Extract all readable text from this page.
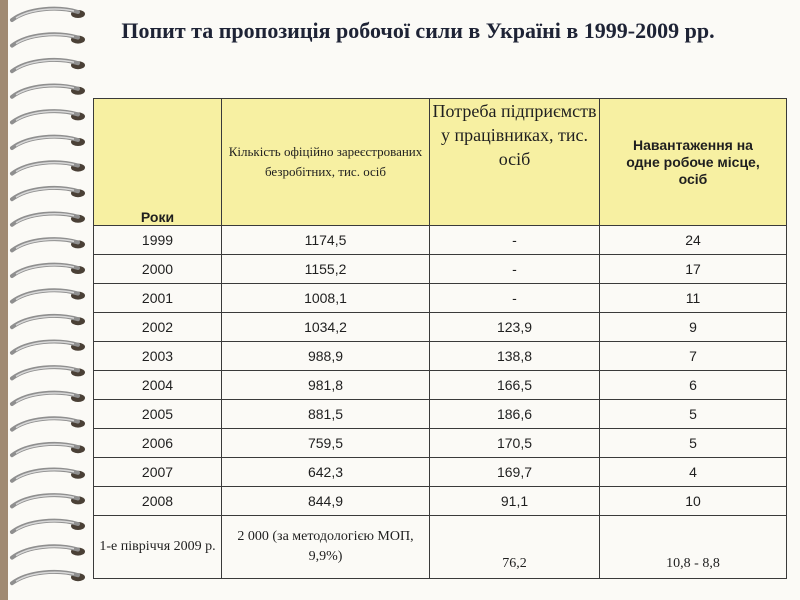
Попит та пропозиція робочої сили в Україні в 1999-2009 рр.
Роки	Кількість офіційно зареєстрованих безробітних, тис. осіб	Потреба підприємств у працівниках, тис. осіб	Навантаження на одне робоче місце, осіб

1999	1174,5	-	24
2000	1155,2	-	17
2001	1008,1	-	11
2002	1034,2	123,9	9
2003	988,9	138,8	7
2004	981,8	166,5	6
2005	881,5	186,6	5
2006	759,5	170,5	5
2007	642,3	169,7	4
2008	844,9	91,1	10
1-е півріччя 2009 р.	2 000 (за методологією МОП, 9,9%)	76,2	10,8 - 8,8
